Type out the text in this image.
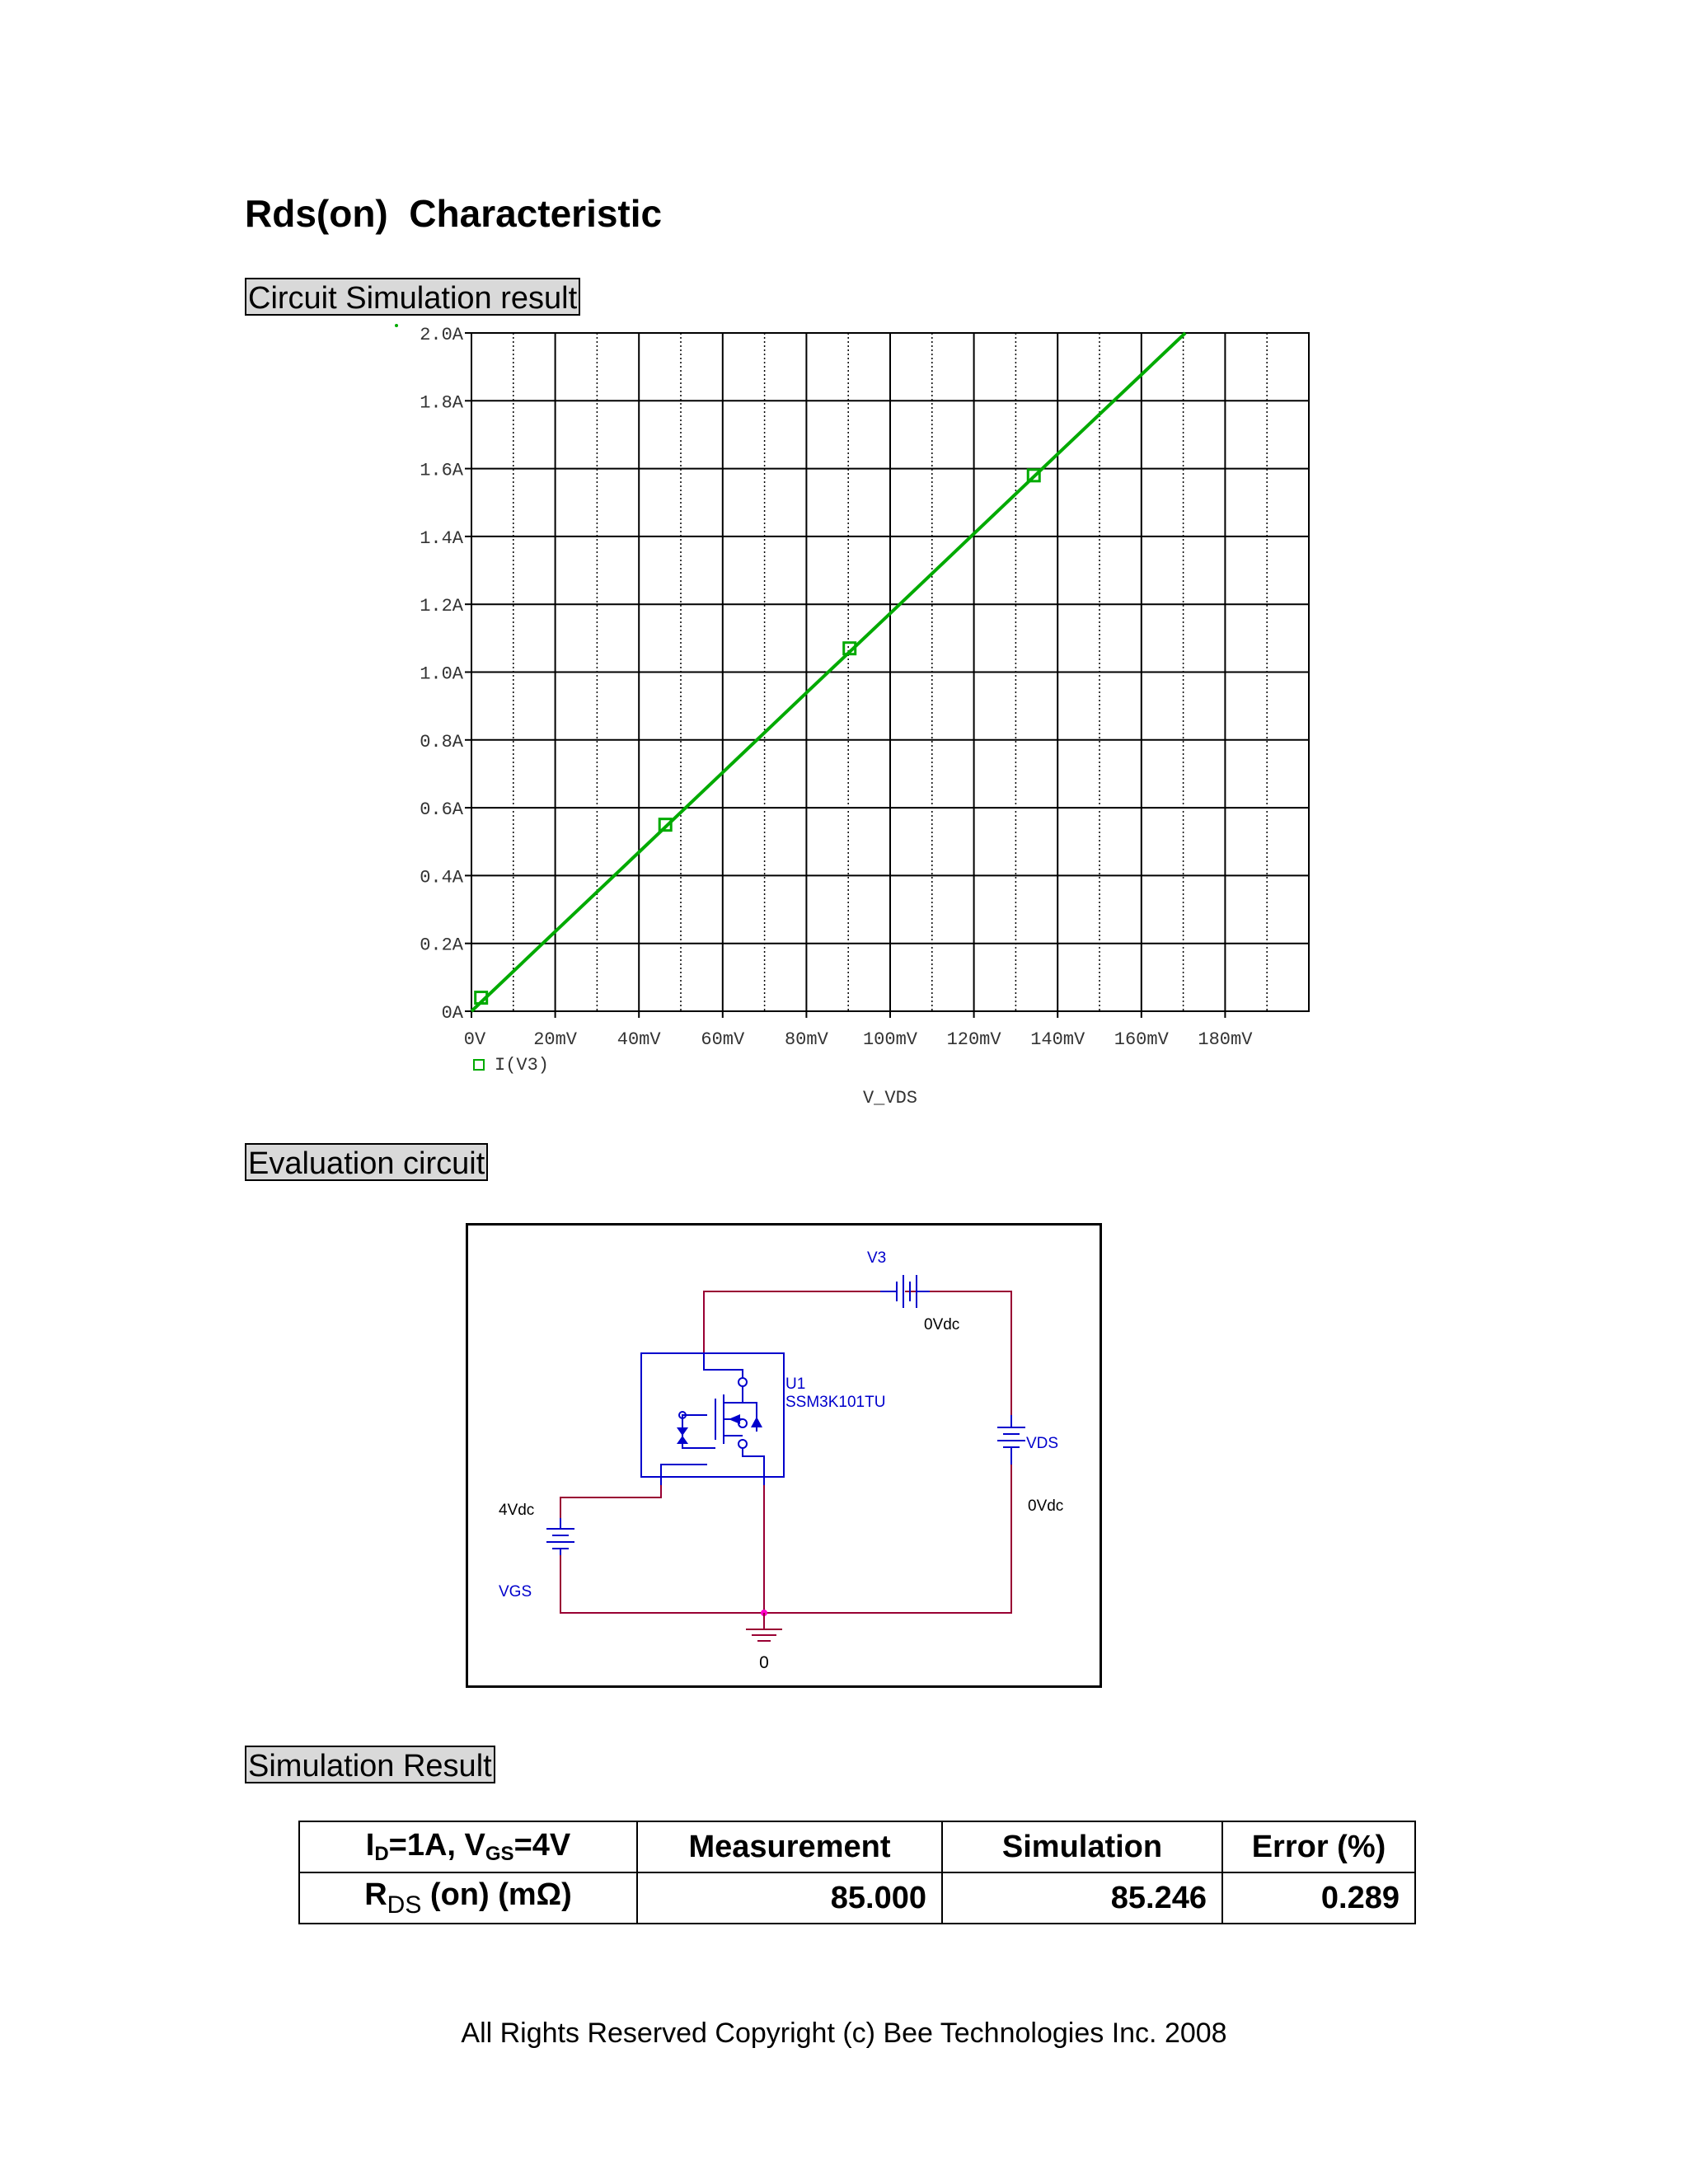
Rds(on)  Characteristic
Circuit Simulation result
0A
0.2A
0.4A
0.6A
0.8A
1.0A
1.2A
1.4A
1.6A
1.8A
2.0A
0V	20mV 40mV 60mV 80mV 100mV 120mV 140mV 160mV 180mV
I(V3)
V_VDS
Evaluation circuit
V3
0Vdc
U1
SSM3K101TU
VDS
0Vdc
4Vdc
VGS
0
Simulation Result
$I_D=1A$, $V_{GS}=4V$	Measurement	Simulation	Error (%)
$R_{DS}$ (on) (mΩ)	85.000	85.246	0.289
All Rights Reserved Copyright (c) Bee Technologies Inc. 2008
